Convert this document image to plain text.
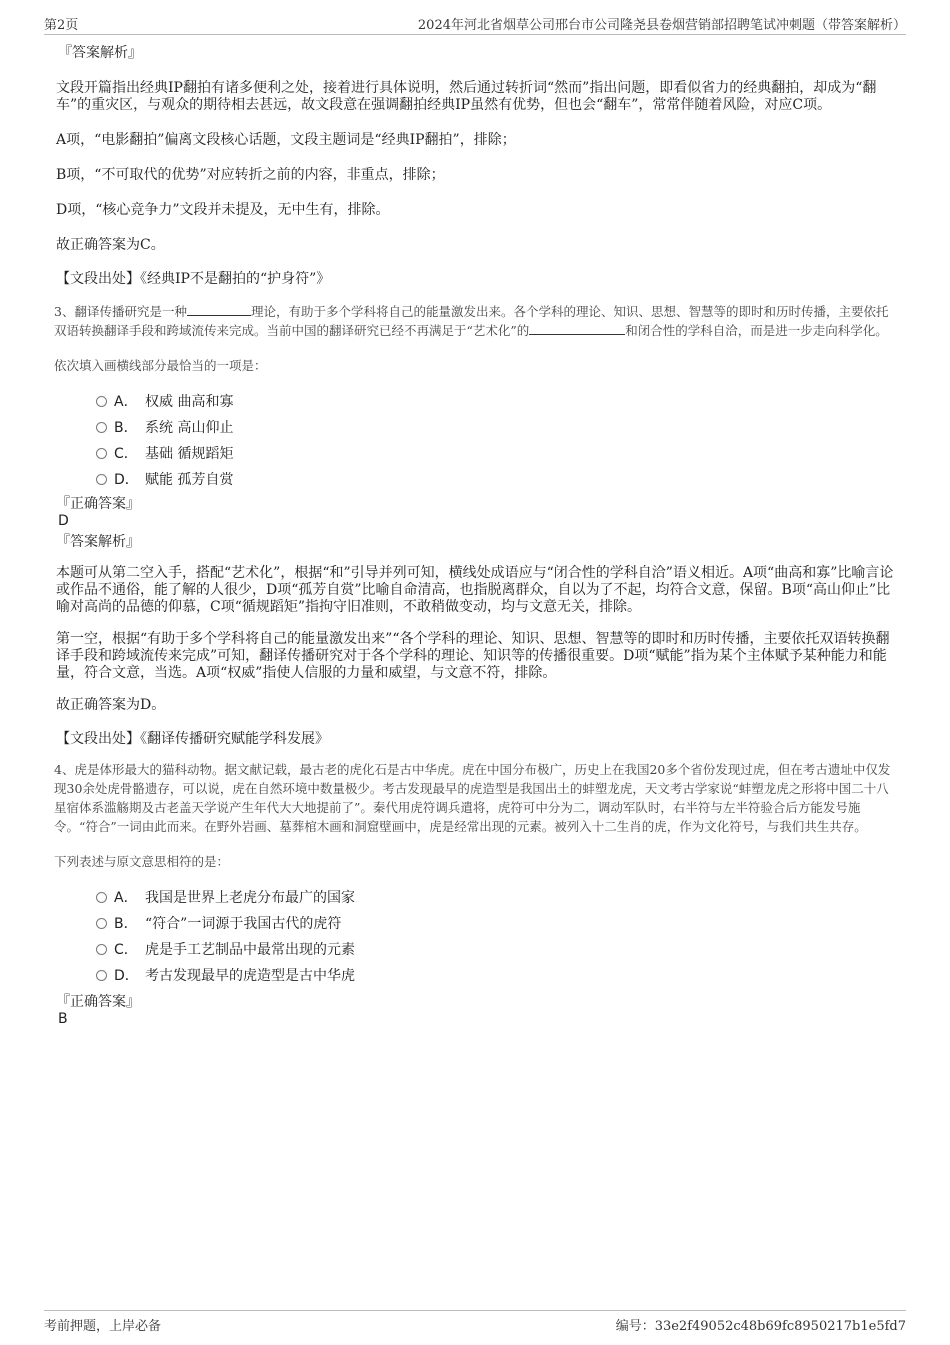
第2页	2024年河北省烟草公司邢台市公司隆尧县卷烟营销部招聘笔试冲刺题（带答案解析）

『答案解析』

文段开篇指出经典IP翻拍有诸多便利之处，接着进行具体说明，然后通过转折词“然而”指出问题，即看似省力的经典翻拍，却成为“翻车”的重灾区，与观众的期待相去甚远，故文段意在强调翻拍经典IP虽然有优势，但也会“翻车”，常常伴随着风险，对应C项。

A项，“电影翻拍”偏离文段核心话题，文段主题词是“经典IP翻拍”，排除；

B项，“不可取代的优势”对应转折之前的内容，非重点，排除；

D项，“核心竞争力”文段并未提及，无中生有，排除。

故正确答案为C。

【文段出处】《经典IP不是翻拍的“护身符”》

3、翻译传播研究是一种	理论，有助于多个学科将自己的能量激发出来。各个学科的理论、知识、思想、智慧等的即时和历时传播，主要依托双语转换翻译手段和跨域流传来完成。当前中国的翻译研究已经不再满足于“艺术化”的	和闭合性的学科自洽，而是进一步走向科学化。

依次填入画横线部分最恰当的一项是：

A． 权威 曲高和寡
B． 系统 高山仰止
C． 基础 循规蹈矩
D． 赋能 孤芳自赏

『正确答案』

D

『答案解析』

本题可从第二空入手，搭配“艺术化”，根据“和”引导并列可知，横线处成语应与“闭合性的学科自洽”语义相近。A项“曲高和寡”比喻言论或作品不通俗，能了解的人很少，D项“孤芳自赏”比喻自命清高，也指脱离群众，自以为了不起，均符合文意，保留。B项“高山仰止”比喻对高尚的品德的仰慕，C项“循规蹈矩”指拘守旧准则，不敢稍做变动，均与文意无关，排除。

第一空，根据“有助于多个学科将自己的能量激发出来”“各个学科的理论、知识、思想、智慧等的即时和历时传播，主要依托双语转换翻译手段和跨域流传来完成”可知，翻译传播研究对于各个学科的理论、知识等的传播很重要。D项“赋能”指为某个主体赋予某种能力和能量，符合文意，当选。A项“权威”指使人信服的力量和威望，与文意不符，排除。

故正确答案为D。

【文段出处】《翻译传播研究赋能学科发展》

4、虎是体形最大的猫科动物。据文献记载，最古老的虎化石是古中华虎。虎在中国分布极广，历史上在我国20多个省份发现过虎，但在考古遗址中仅发现30余处虎骨骼遗存，可以说，虎在自然环境中数量极少。考古发现最早的虎造型是我国出土的蚌塑龙虎，天文考古学家说“蚌塑龙虎之形将中国二十八星宿体系滥觞期及古老盖天学说产生年代大大地提前了”。秦代用虎符调兵遣将，虎符可中分为二，调动军队时，右半符与左半符验合后方能发号施令。“符合”一词由此而来。在野外岩画、墓葬棺木画和洞窟壁画中，虎是经常出现的元素。被列入十二生肖的虎，作为文化符号，与我们共生共存。

下列表述与原文意思相符的是：

A． 我国是世界上老虎分布最广的国家
B． “符合”一词源于我国古代的虎符
C． 虎是手工艺制品中最常出现的元素
D． 考古发现最早的虎造型是古中华虎

『正确答案』

B

考前押题，上岸必备	编号：33e2f49052c48b69fc8950217b1e5fd7
